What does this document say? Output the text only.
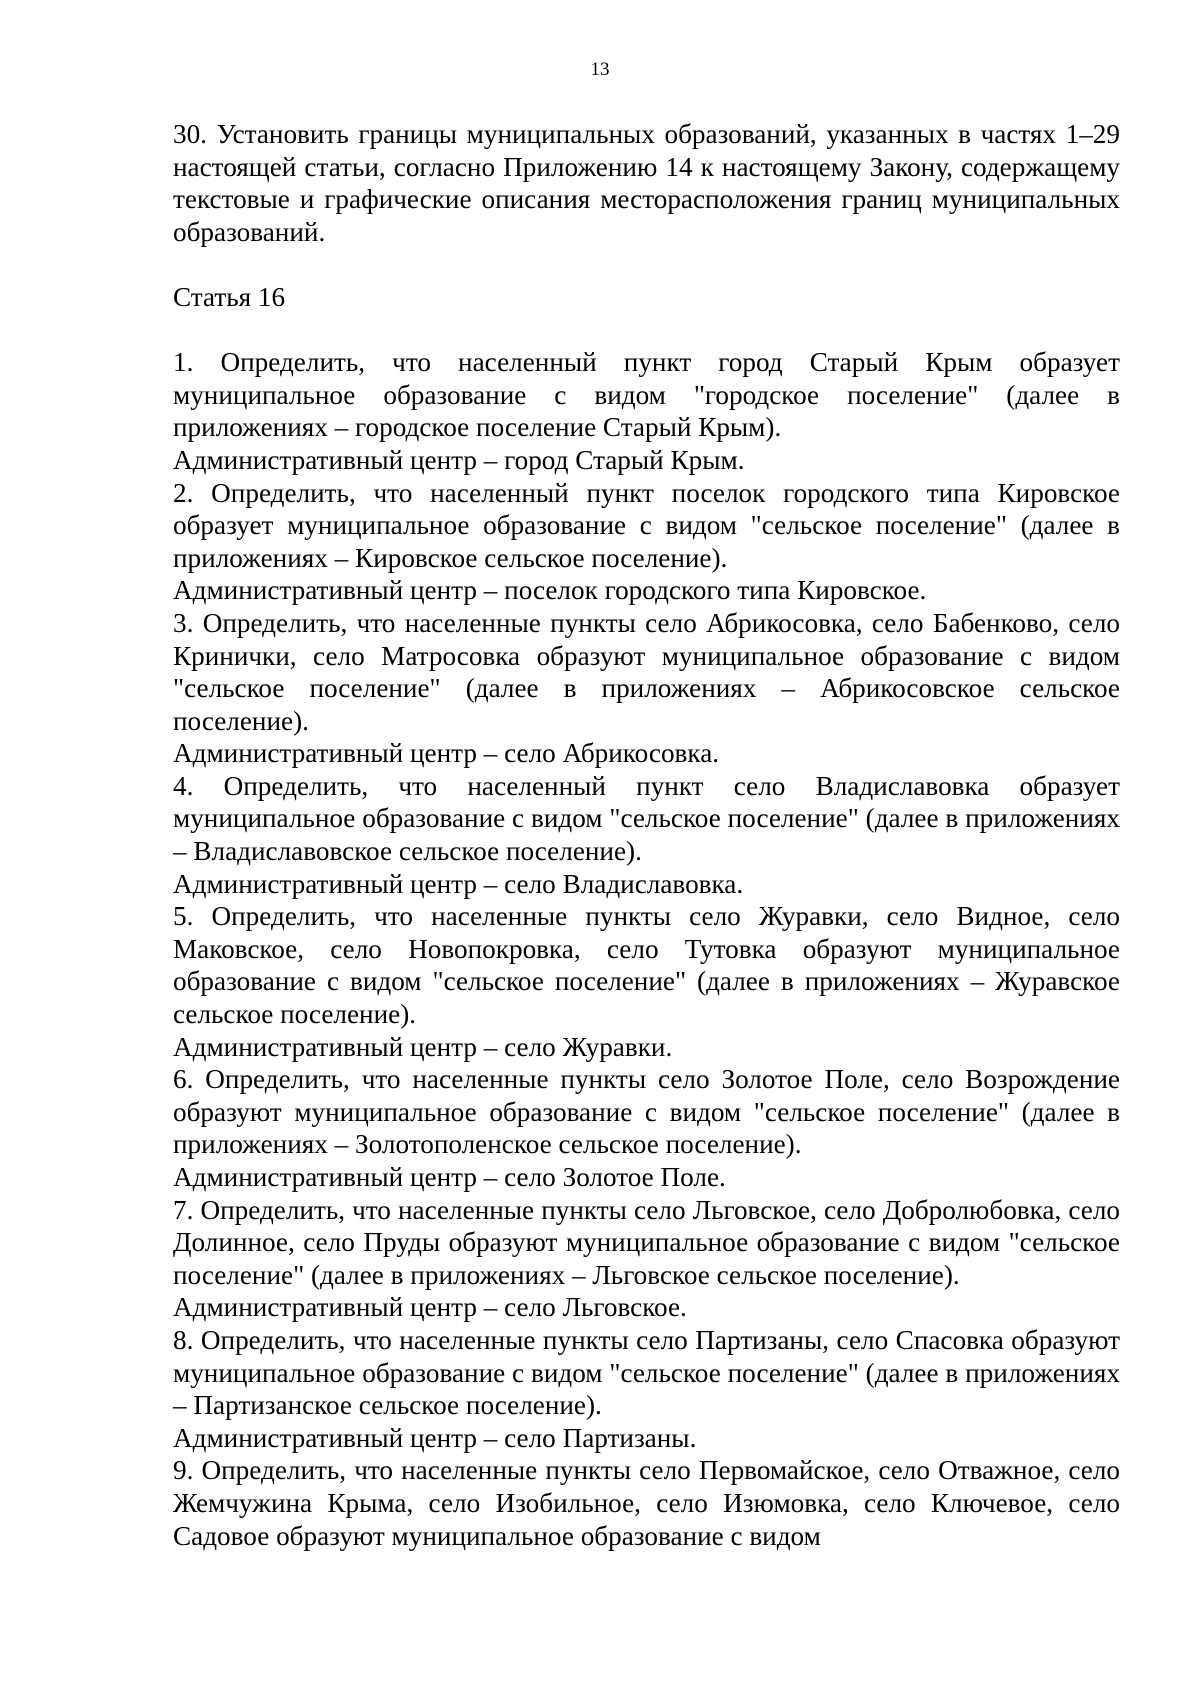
13

30. Установить границы муниципальных образований, указанных в частях 1–29 настоящей статьи, согласно Приложению 14 к настоящему Закону, содержащему текстовые и графические описания месторасположения границ муниципальных образований.

Статья 16

1. Определить, что населенный пункт город Старый Крым образует муниципальное образование с видом "городское поселение" (далее в приложениях – городское поселение Старый Крым).

Административный центр – город Старый Крым.

2. Определить, что населенный пункт поселок городского типа Кировское образует муниципальное образование с видом "сельское поселение" (далее в приложениях – Кировское сельское поселение).

Административный центр – поселок городского типа Кировское.

3. Определить, что населенные пункты село Абрикосовка, село Бабенково, село Кринички, село Матросовка образуют муниципальное образование с видом "сельское поселение" (далее в приложениях – Абрикосовское сельское поселение).

Административный центр – село Абрикосовка.

4. Определить, что населенный пункт село Владиславовка образует муниципальное образование с видом "сельское поселение" (далее в приложениях – Владиславовское сельское поселение).

Административный центр – село Владиславовка.

5. Определить, что населенные пункты село Журавки, село Видное, село Маковское, село Новопокровка, село Тутовка образуют муниципальное образование с видом "сельское поселение" (далее в приложениях – Журавское сельское поселение).

Административный центр – село Журавки.

6. Определить, что населенные пункты село Золотое Поле, село Возрождение образуют муниципальное образование с видом "сельское поселение" (далее в приложениях – Золотополенское сельское поселение).

Административный центр – село Золотое Поле.

7. Определить, что населенные пункты село Льговское, село Добролюбовка, село Долинное, село Пруды образуют муниципальное образование с видом "сельское поселение" (далее в приложениях – Льговское сельское поселение).

Административный центр – село Льговское.

8. Определить, что населенные пункты село Партизаны, село Спасовка образуют муниципальное образование с видом "сельское поселение" (далее в приложениях – Партизанское сельское поселение).

Административный центр – село Партизаны.

9. Определить, что населенные пункты село Первомайское, село Отважное, село Жемчужина Крыма, село Изобильное, село Изюмовка, село Ключевое, село Садовое образуют муниципальное образование с видом
